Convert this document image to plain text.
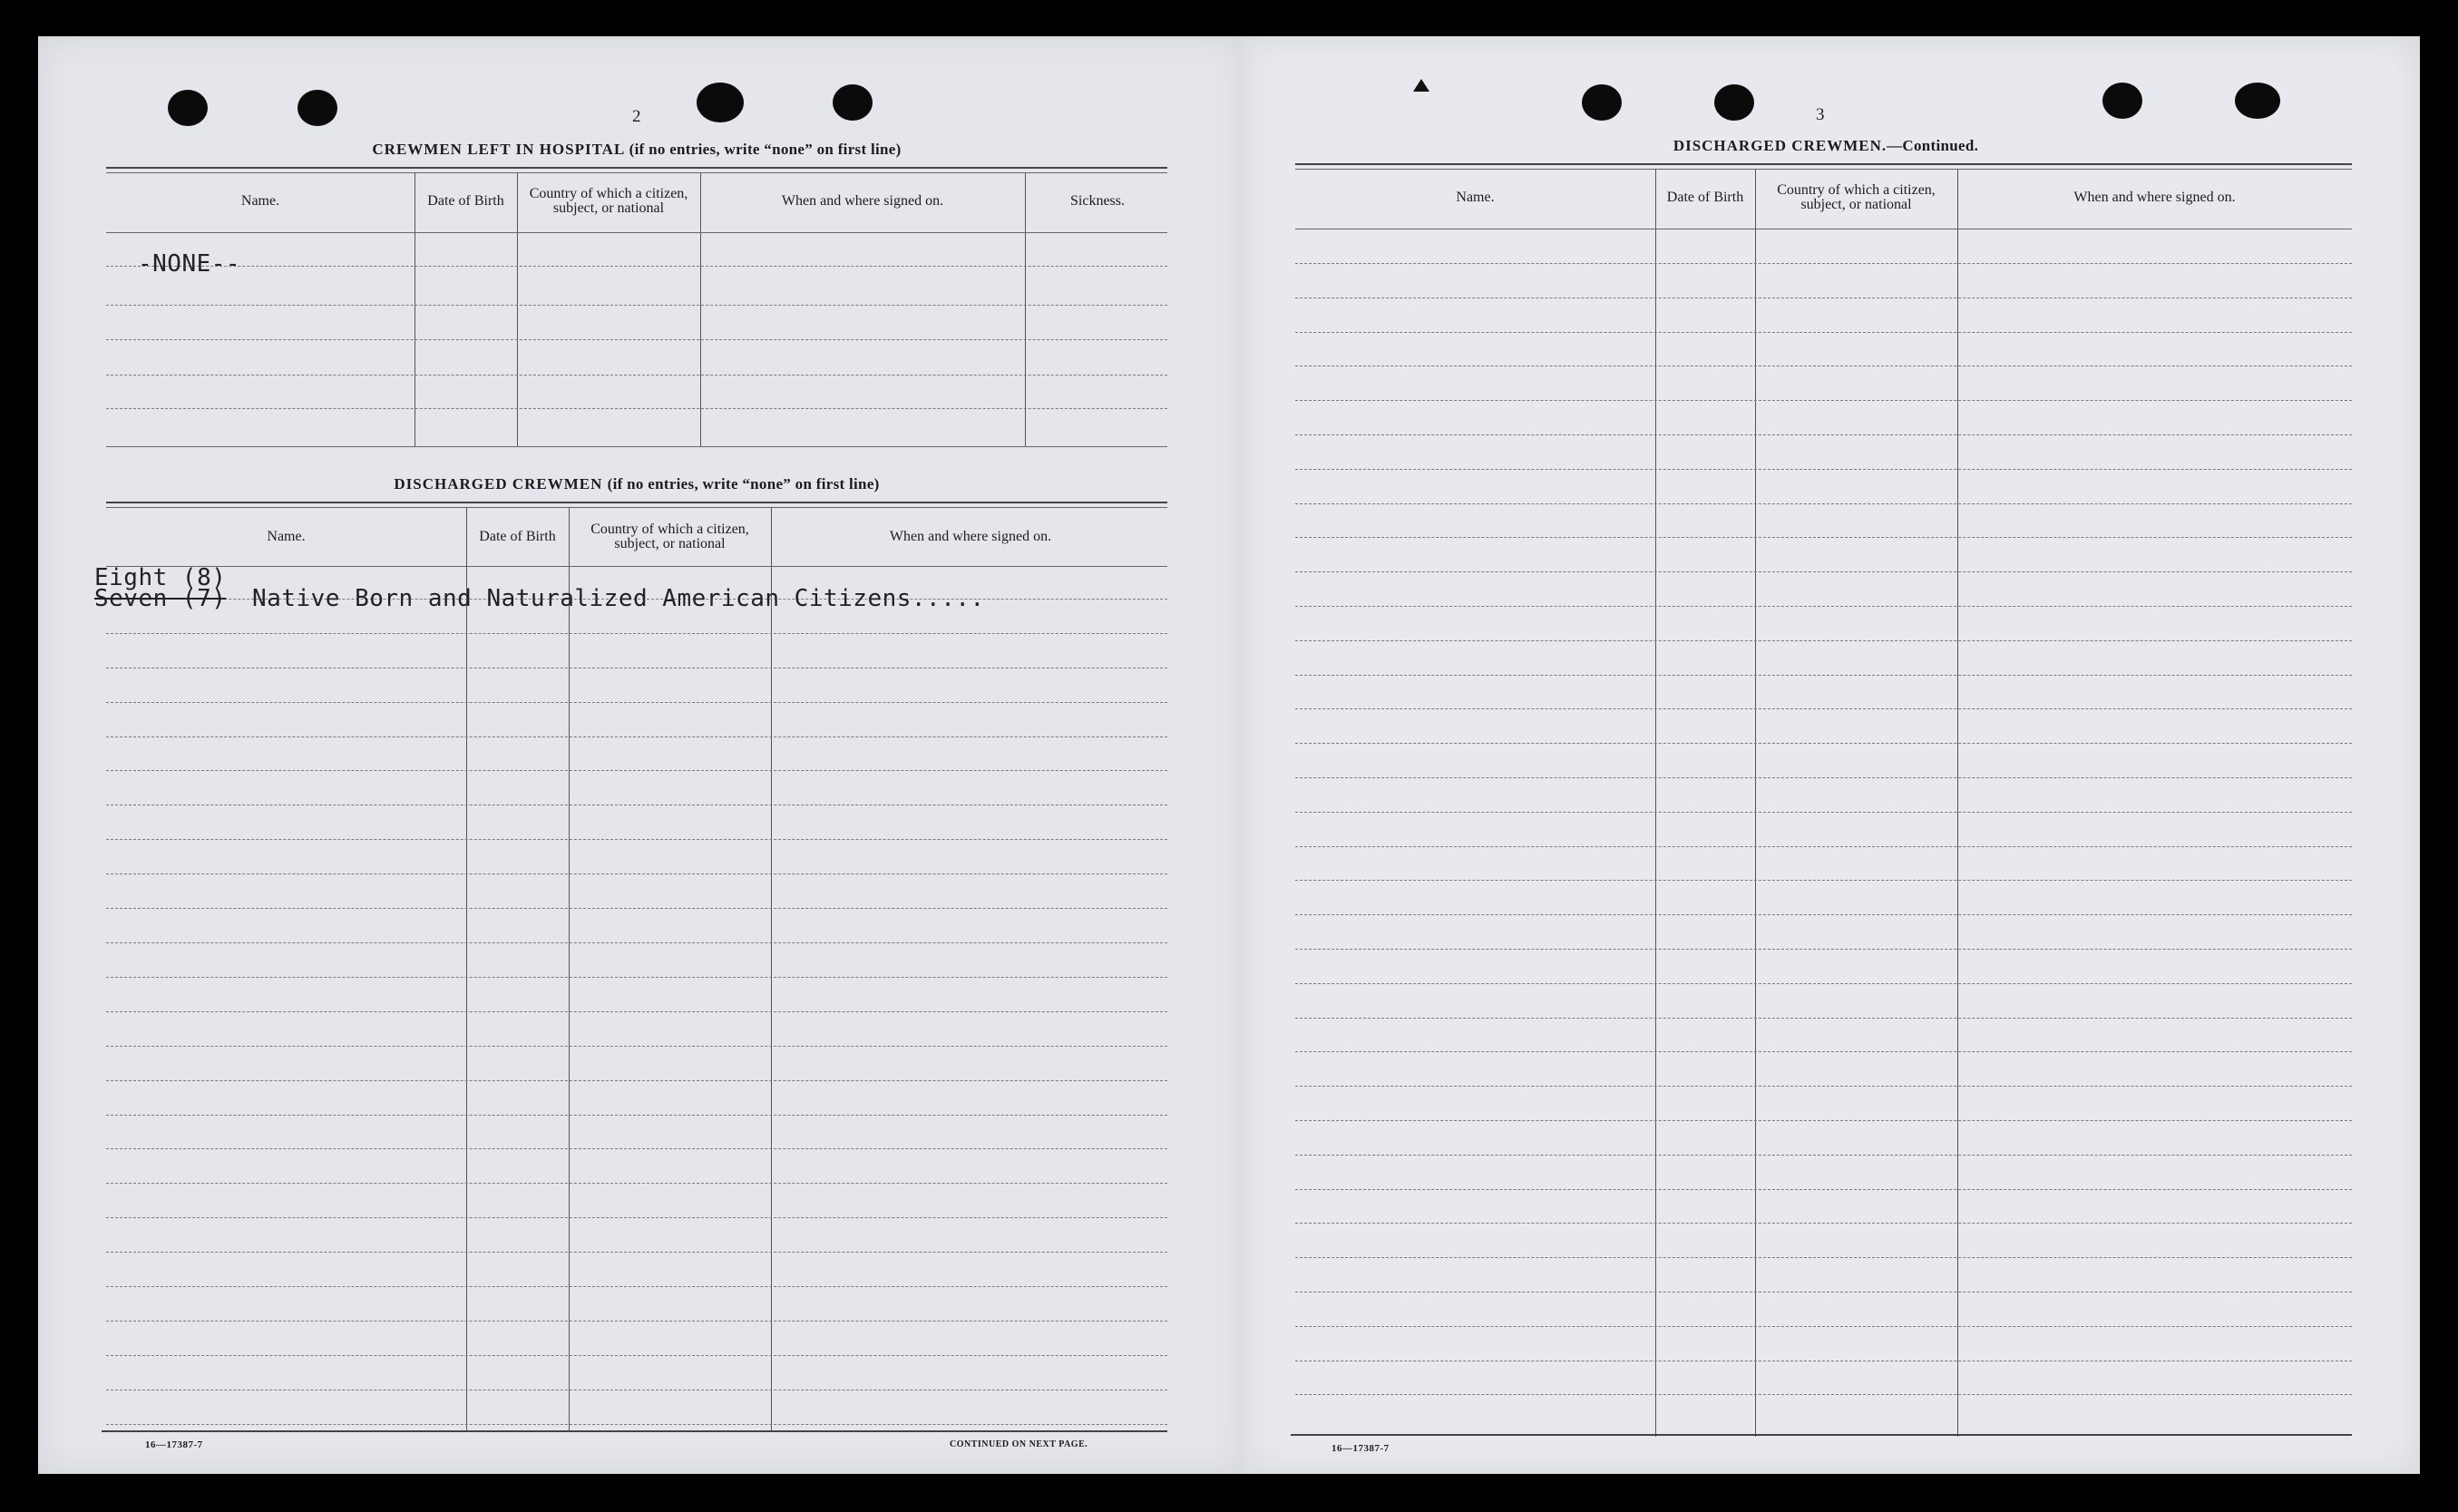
2
CREWMEN LEFT IN HOSPITAL (if no entries, write “none” on first line)
Name.	Date of Birth	Country of which a citizen, subject, or national	When and where signed on.	Sickness.
-NONE--
DISCHARGED CREWMEN (if no entries, write “none” on first line)
Name.	Date of Birth	Country of which a citizen, subject, or national	When and where signed on.
Eight (8)
Seven (7) Native Born and Naturalized American Citizens.....
16—17387-7	CONTINUED ON NEXT PAGE.
3
DISCHARGED CREWMEN.—Continued.
Name.	Date of Birth	Country of which a citizen, subject, or national	When and where signed on.
16—17387-7
